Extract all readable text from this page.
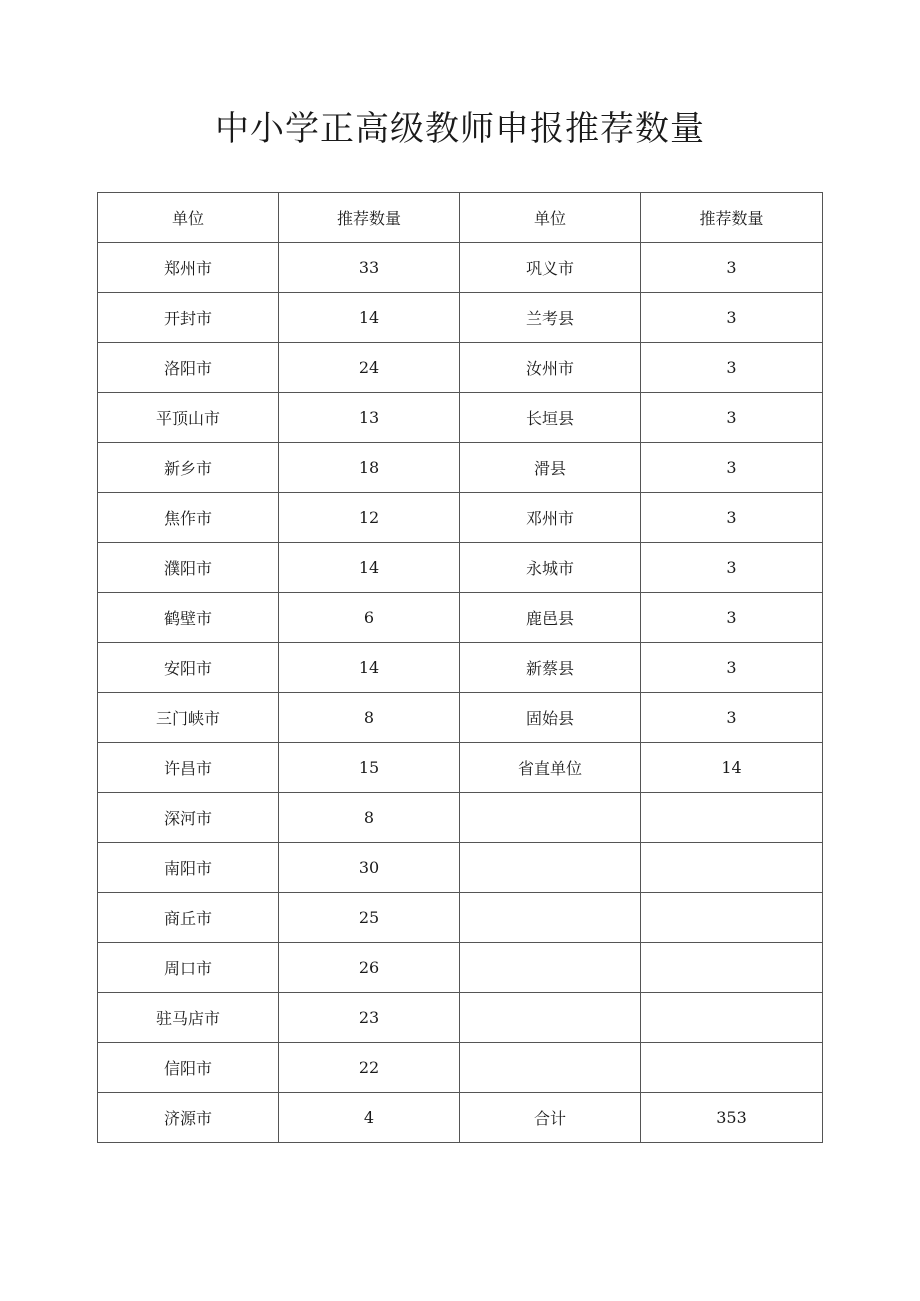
中小学正高级教师申报推荐数量
单位	推荐数量	单位	推荐数量
郑州市	33	巩义市	3
开封市	14	兰考县	3
洛阳市	24	汝州市	3
平顶山市	13	长垣县	3
新乡市	18	滑县	3
焦作市	12	邓州市	3
濮阳市	14	永城市	3
鹤壁市	6	鹿邑县	3
安阳市	14	新蔡县	3
三门峡市	8	固始县	3
许昌市	15	省直单位	14
深河市	8		
南阳市	30		
商丘市	25		
周口市	26		
驻马店市	23		
信阳市	22		
济源市	4	合计	353
